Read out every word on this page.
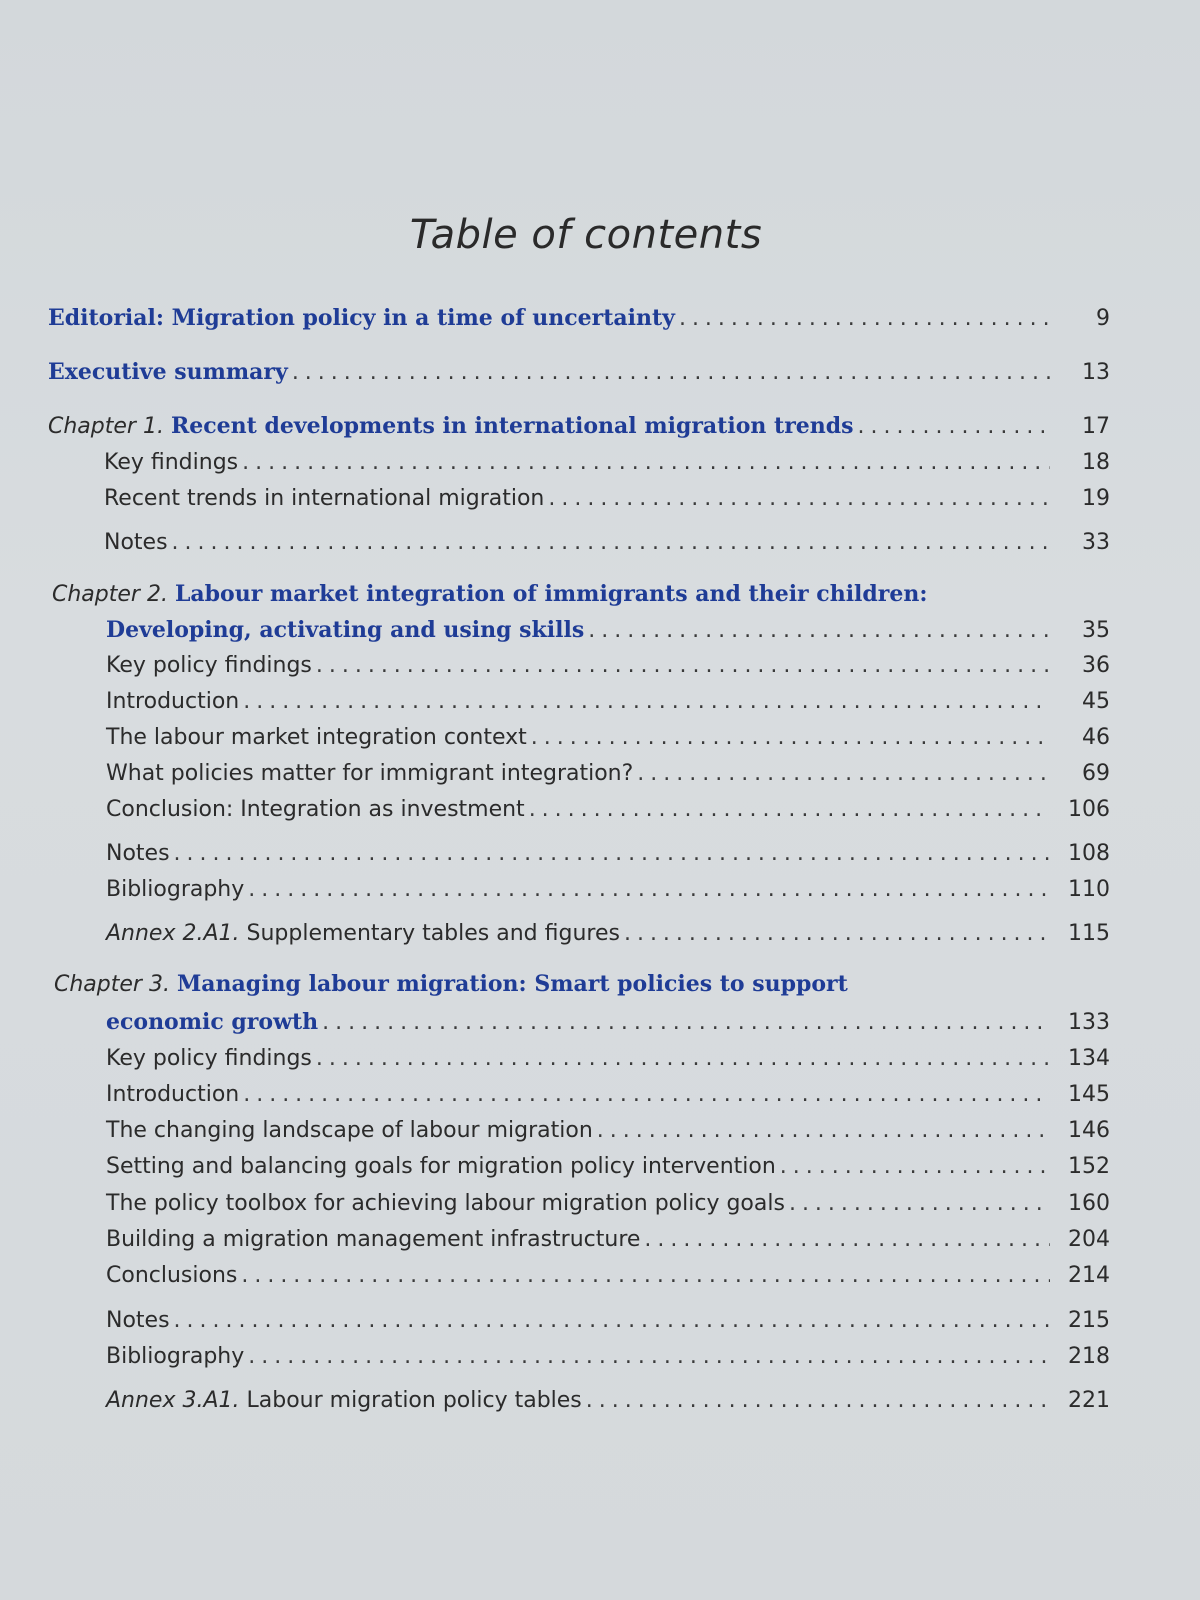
Table of contents
Editorial: Migration policy in a time of uncertainty . . .	9
Executive summary . . .	13
Chapter 1. Recent developments in international migration trends . . .	17
Key findings . . .	18
Recent trends in international migration . . .	19
Notes . . .	33
Chapter 2. Labour market integration of immigrants and their children:
Developing, activating and using skills . . .	35
Key policy findings . . .	36
Introduction . . .	45
The labour market integration context . . .	46
What policies matter for immigrant integration? . . .	69
Conclusion: Integration as investment . . .	106
Notes . . .	108
Bibliography . . .	110
Annex 2.A1. Supplementary tables and figures . . .	115
Chapter 3. Managing labour migration: Smart policies to support
economic growth . . .	133
Key policy findings . . .	134
Introduction . . .	145
The changing landscape of labour migration . . .	146
Setting and balancing goals for migration policy intervention . . .	152
The policy toolbox for achieving labour migration policy goals . . .	160
Building a migration management infrastructure . . .	204
Conclusions . . .	214
Notes . . .	215
Bibliography . . .	218
Annex 3.A1. Labour migration policy tables . . .	221
